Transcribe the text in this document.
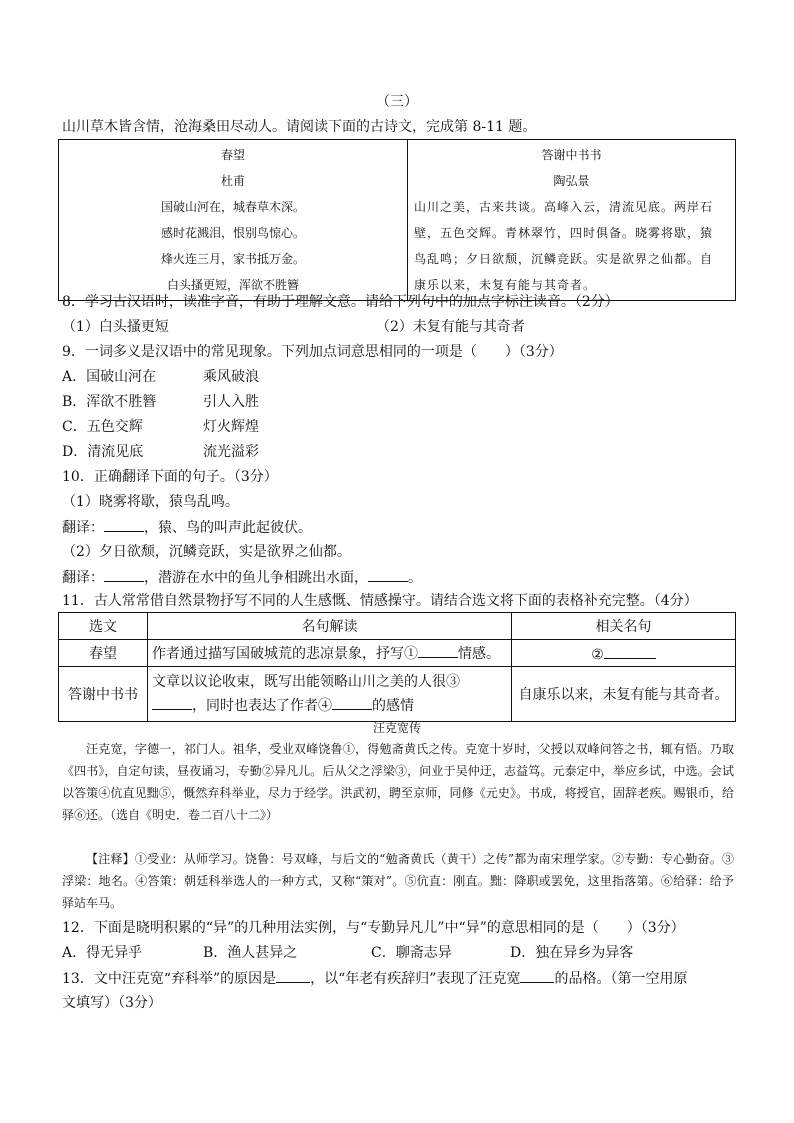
（三）
山川草木皆含情，沧海桑田尽动人。请阅读下面的古诗文，完成第 8-11 题。
春望
杜甫
国破山河在，城春草木深。
感时花溅泪，恨别鸟惊心。
烽火连三月，家书抵万金。
白头搔更短，浑欲不胜簪

答谢中书书
陶弘景
山川之美，古来共谈。高峰入云，清流见底。两岸石
壁，五色交辉。青林翠竹，四时俱备。晓雾将歇，猿
鸟乱鸣；夕日欲颓，沉鳞竞跃。实是欲界之仙都。自
康乐以来，未复有能与其奇者。
8．学习古汉语时，读准字音，有助于理解文意。请给下列句中的加点字标注读音。（2分）
（1）白头搔更短	（2）未复有能与其奇者
9．一词多义是汉语中的常见现象。下列加点词意思相同的一项是（　　）（3分）
A．国破山河在	乘风破浪
B．浑欲不胜簪	引人入胜
C．五色交辉	灯火辉煌
D．清流见底	流光溢彩
10．正确翻译下面的句子。（3分）
（1）晓雾将歇，猿鸟乱鸣。
翻译：	，猿、鸟的叫声此起彼伏。
（2）夕日欲颓，沉鳞竞跃，实是欲界之仙都。
翻译：	，潜游在水中的鱼儿争相跳出水面，	。
11．古人常常借自然景物抒写不同的人生感慨、情感操守。请结合选文将下面的表格补充完整。（4分）
选文	名句解读	相关名句
春望	作者通过描写国破城荒的悲凉景象，抒写① 情感。	②
答谢中书书	文章以议论收束，既写出能领略山川之美的人很③
，同时也表达了作者④ 的感情	自康乐以来，未复有能与其奇者。
汪克宽传
汪克宽，字德一，祁门人。祖华，受业双峰饶鲁①，得勉斋黄氏之传。克宽十岁时，父授以双峰问答之书，辄有悟。乃取《四书》，自定句读，昼夜诵习，专勤②异凡儿。后从父之浮梁③，问业于吴仲迂，志益笃。元泰定中，举应乡试，中选。会试以答策④伉直见黜⑤，慨然弃科举业，尽力于经学。洪武初，聘至京师，同修《元史》。书成，将授官，固辞老疾。赐银币，给驿⑥还。（选自《明史．卷二百八十二》）
【注释】①受业：从师学习。饶鲁：号双峰，与后文的“勉斋黄氏（黄干）之传”都为南宋理学家。②专勤：专心勤奋。③浮梁：地名。④答策：朝廷科举选人的一种方式，又称“策对”。⑤伉直：刚直。黜：降职或罢免，这里指落第。⑥给驿：给予驿站车马。
12．下面是晓明积累的“异”的几种用法实例，与“专勤异凡儿”中“异”的意思相同的是（　　）（3分）
A．得无异乎	B．渔人甚异之	C．聊斋志异	D．独在异乡为异客
13．文中汪克宽“弃科举”的原因是 ，以“年老有疾辞归”表现了汪克宽 的品格。（第一空用原
文填写）（3分）
